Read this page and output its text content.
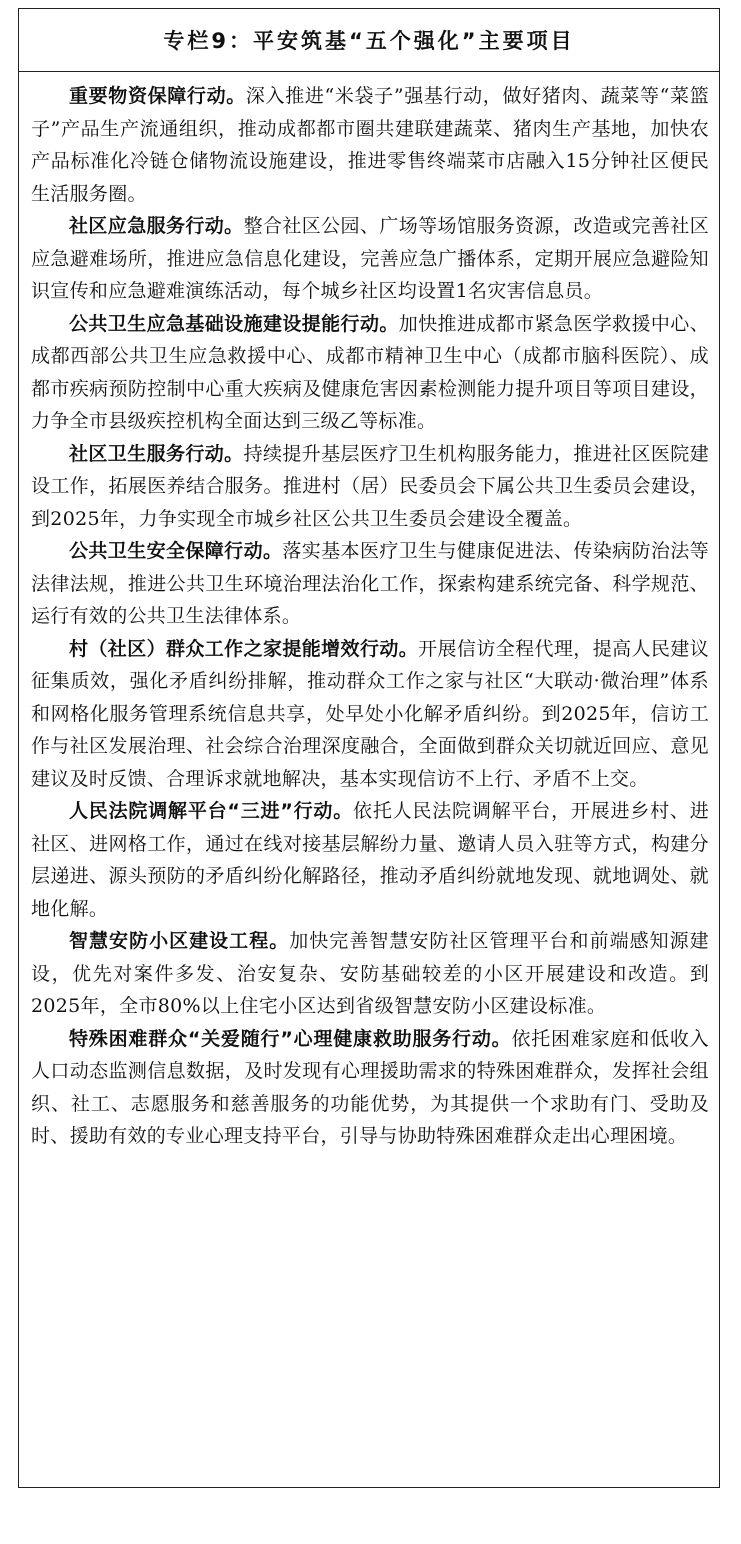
专栏9：平安筑基“五个强化”主要项目

重要物资保障行动。深入推进“米袋子”强基行动，做好猪肉、蔬菜等“菜篮子”产品生产流通组织，推动成都都市圈共建联建蔬菜、猪肉生产基地，加快农产品标准化冷链仓储物流设施建设，推进零售终端菜市店融入15分钟社区便民生活服务圈。

社区应急服务行动。整合社区公园、广场等场馆服务资源，改造或完善社区应急避难场所，推进应急信息化建设，完善应急广播体系，定期开展应急避险知识宣传和应急避难演练活动，每个城乡社区均设置1名灾害信息员。

公共卫生应急基础设施建设提能行动。加快推进成都市紧急医学救援中心、成都西部公共卫生应急救援中心、成都市精神卫生中心（成都市脑科医院）、成都市疾病预防控制中心重大疾病及健康危害因素检测能力提升项目等项目建设，力争全市县级疾控机构全面达到三级乙等标准。

社区卫生服务行动。持续提升基层医疗卫生机构服务能力，推进社区医院建设工作，拓展医养结合服务。推进村（居）民委员会下属公共卫生委员会建设，到2025年，力争实现全市城乡社区公共卫生委员会建设全覆盖。

公共卫生安全保障行动。落实基本医疗卫生与健康促进法、传染病防治法等法律法规，推进公共卫生环境治理法治化工作，探索构建系统完备、科学规范、运行有效的公共卫生法律体系。

村（社区）群众工作之家提能增效行动。开展信访全程代理，提高人民建议征集质效，强化矛盾纠纷排解，推动群众工作之家与社区“大联动·微治理”体系和网格化服务管理系统信息共享，处早处小化解矛盾纠纷。到2025年，信访工作与社区发展治理、社会综合治理深度融合，全面做到群众关切就近回应、意见建议及时反馈、合理诉求就地解决，基本实现信访不上行、矛盾不上交。

人民法院调解平台“三进”行动。依托人民法院调解平台，开展进乡村、进社区、进网格工作，通过在线对接基层解纷力量、邀请人员入驻等方式，构建分层递进、源头预防的矛盾纠纷化解路径，推动矛盾纠纷就地发现、就地调处、就地化解。

智慧安防小区建设工程。加快完善智慧安防社区管理平台和前端感知源建设，优先对案件多发、治安复杂、安防基础较差的小区开展建设和改造。到2025年，全市80%以上住宅小区达到省级智慧安防小区建设标准。

特殊困难群众“关爱随行”心理健康救助服务行动。依托困难家庭和低收入人口动态监测信息数据，及时发现有心理援助需求的特殊困难群众，发挥社会组织、社工、志愿服务和慈善服务的功能优势，为其提供一个求助有门、受助及时、援助有效的专业心理支持平台，引导与协助特殊困难群众走出心理困境。
